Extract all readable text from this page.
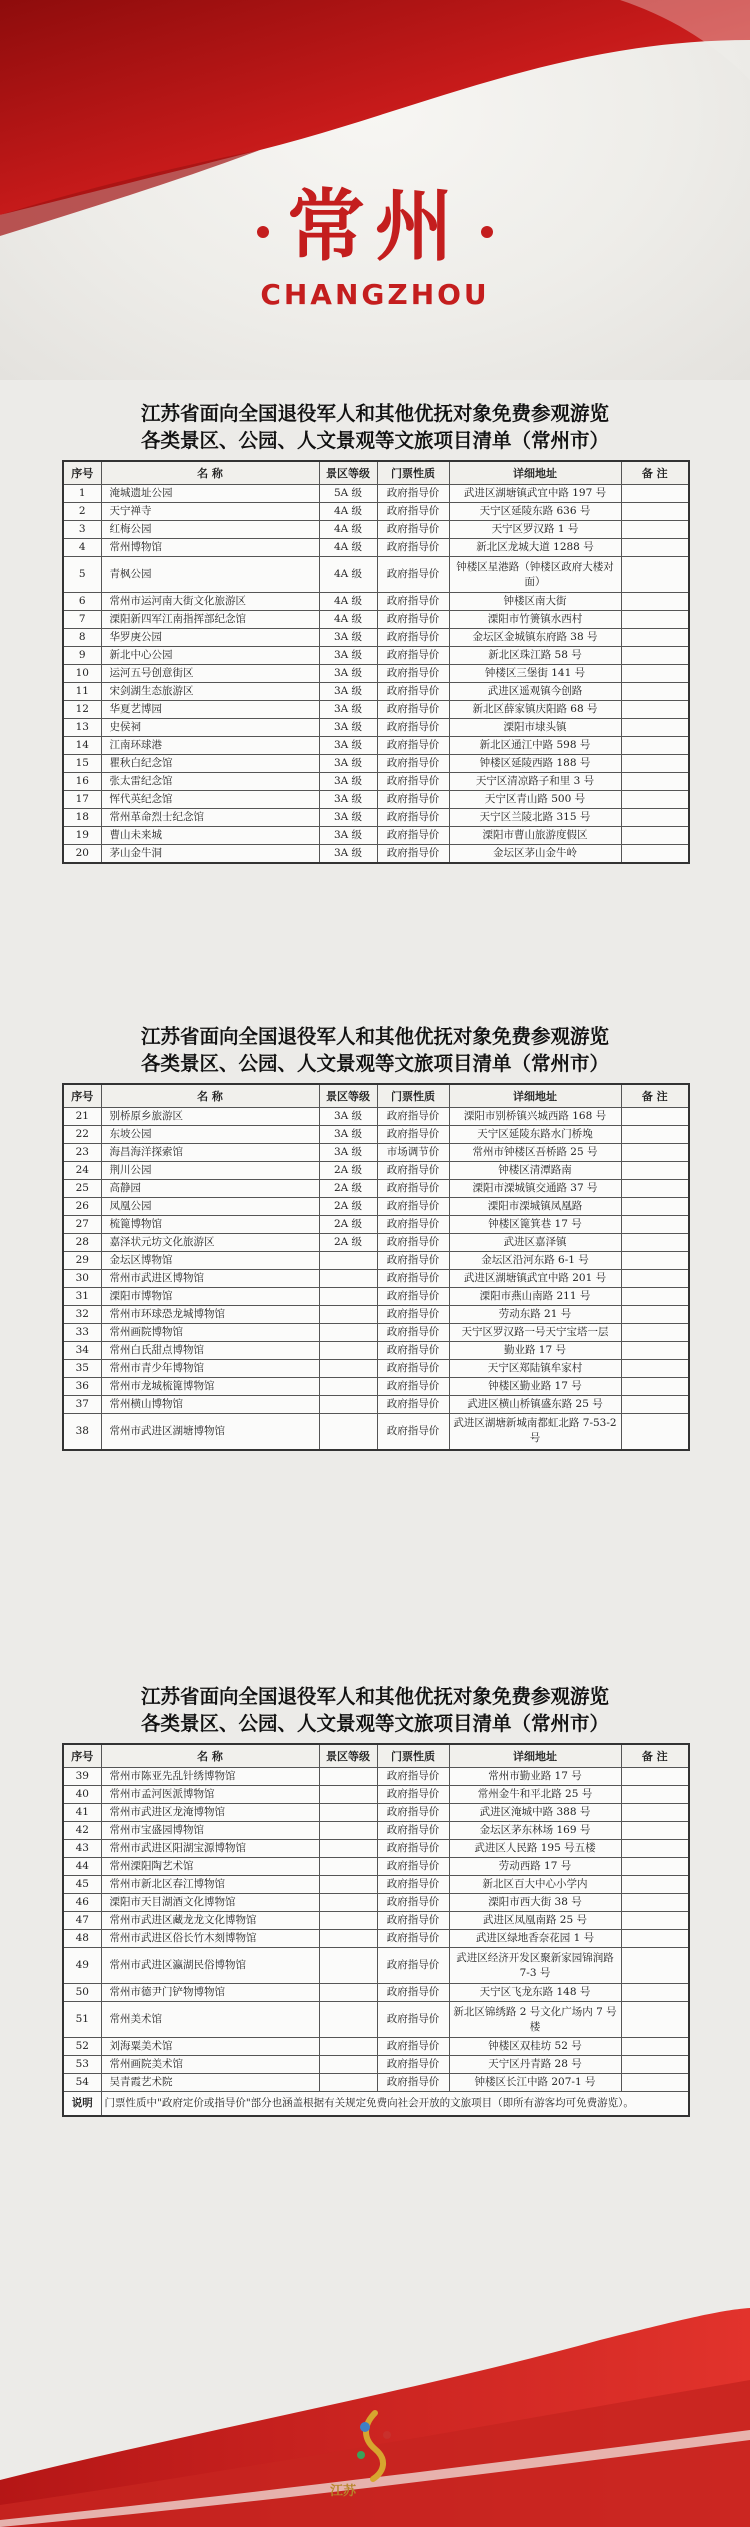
常州
CHANGZHOU
江苏省面向全国退役军人和其他优抚对象免费参观游览
各类景区、公园、人文景观等文旅项目清单（常州市）
序号	名 称	景区等级	门票性质	详细地址	备 注
1	淹城遗址公园	5A 级	政府指导价	武进区湖塘镇武宜中路 197 号	
2	天宁禅寺	4A 级	政府指导价	天宁区延陵东路 636 号	
3	红梅公园	4A 级	政府指导价	天宁区罗汉路 1 号	
4	常州博物馆	4A 级	政府指导价	新北区龙城大道 1288 号	
5	青枫公园	4A 级	政府指导价	钟楼区星港路（钟楼区政府大楼对面）	
6	常州市运河南大街文化旅游区	4A 级	政府指导价	钟楼区南大街	
7	溧阳新四军江南指挥部纪念馆	4A 级	政府指导价	溧阳市竹箦镇水西村	
8	华罗庚公园	3A 级	政府指导价	金坛区金城镇东府路 38 号	
9	新北中心公园	3A 级	政府指导价	新北区珠江路 58 号	
10	运河五号创意街区	3A 级	政府指导价	钟楼区三堡街 141 号	
11	宋剑湖生态旅游区	3A 级	政府指导价	武进区遥观镇今创路	
12	华夏艺博园	3A 级	政府指导价	新北区薛家镇庆阳路 68 号	
13	史侯祠	3A 级	政府指导价	溧阳市埭头镇	
14	江南环球港	3A 级	政府指导价	新北区通江中路 598 号	
15	瞿秋白纪念馆	3A 级	政府指导价	钟楼区延陵西路 188 号	
16	张太雷纪念馆	3A 级	政府指导价	天宁区清凉路子和里 3 号	
17	恽代英纪念馆	3A 级	政府指导价	天宁区青山路 500 号	
18	常州革命烈士纪念馆	3A 级	政府指导价	天宁区兰陵北路 315 号	
19	曹山未来城	3A 级	政府指导价	溧阳市曹山旅游度假区	
20	茅山金牛洞	3A 级	政府指导价	金坛区茅山金牛岭	
江苏省面向全国退役军人和其他优抚对象免费参观游览
各类景区、公园、人文景观等文旅项目清单（常州市）
序号	名 称	景区等级	门票性质	详细地址	备 注
21	别桥原乡旅游区	3A 级	政府指导价	溧阳市别桥镇兴城西路 168 号	
22	东坡公园	3A 级	政府指导价	天宁区延陵东路水门桥堍	
23	海昌海洋探索馆	3A 级	市场调节价	常州市钟楼区吾桥路 25 号	
24	荆川公园	2A 级	政府指导价	钟楼区清潭路南	
25	高静园	2A 级	政府指导价	溧阳市溧城镇交通路 37 号	
26	凤凰公园	2A 级	政府指导价	溧阳市溧城镇凤凰路	
27	梳篦博物馆	2A 级	政府指导价	钟楼区篦箕巷 17 号	
28	嘉泽状元坊文化旅游区	2A 级	政府指导价	武进区嘉泽镇	
29	金坛区博物馆		政府指导价	金坛区沿河东路 6-1 号	
30	常州市武进区博物馆		政府指导价	武进区湖塘镇武宜中路 201 号	
31	溧阳市博物馆		政府指导价	溧阳市燕山南路 211 号	
32	常州市环球恐龙城博物馆		政府指导价	劳动东路 21 号	
33	常州画院博物馆		政府指导价	天宁区罗汉路一号天宁宝塔一层	
34	常州白氏甜点博物馆		政府指导价	勤业路 17 号	
35	常州市青少年博物馆		政府指导价	天宁区郑陆镇牟家村	
36	常州市龙城梳篦博物馆		政府指导价	钟楼区勤业路 17 号	
37	常州横山博物馆		政府指导价	武进区横山桥镇盛东路 25 号	
38	常州市武进区湖塘博物馆		政府指导价	武进区湖塘新城南都虹北路 7-53-2 号	
江苏省面向全国退役军人和其他优抚对象免费参观游览
各类景区、公园、人文景观等文旅项目清单（常州市）
序号	名 称	景区等级	门票性质	详细地址	备 注
39	常州市陈亚先乱针绣博物馆		政府指导价	常州市勤业路 17 号	
40	常州市孟河医派博物馆		政府指导价	常州金牛和平北路 25 号	
41	常州市武进区龙淹博物馆		政府指导价	武进区淹城中路 388 号	
42	常州市宝盛园博物馆		政府指导价	金坛区茅东林场 169 号	
43	常州市武进区阳湖宝源博物馆		政府指导价	武进区人民路 195 号五楼	
44	常州溧阳陶艺术馆		政府指导价	劳动西路 17 号	
45	常州市新北区春江博物馆		政府指导价	新北区百大中心小学内	
46	溧阳市天目湖酒文化博物馆		政府指导价	溧阳市西大街 38 号	
47	常州市武进区藏龙龙文化博物馆		政府指导价	武进区凤凰南路 25 号	
48	常州市武进区俗长竹木刻博物馆		政府指导价	武进区绿地香奈花园 1 号	
49	常州市武进区瀛湖民俗博物馆		政府指导价	武进区经济开发区聚新家园锦润路 7-3 号	
50	常州市德尹门铲物博物馆		政府指导价	天宁区飞龙东路 148 号	
51	常州美术馆		政府指导价	新北区锦绣路 2 号文化广场内 7 号楼	
52	刘海粟美术馆		政府指导价	钟楼区双桂坊 52 号	
53	常州画院美术馆		政府指导价	天宁区丹青路 28 号	
54	吴青霞艺术院		政府指导价	钟楼区长江中路 207-1 号	
说明	门票性质中"政府定价或指导价"部分也涵盖根据有关规定免费向社会开放的文旅项目（即所有游客均可免费游览）。				
江苏
